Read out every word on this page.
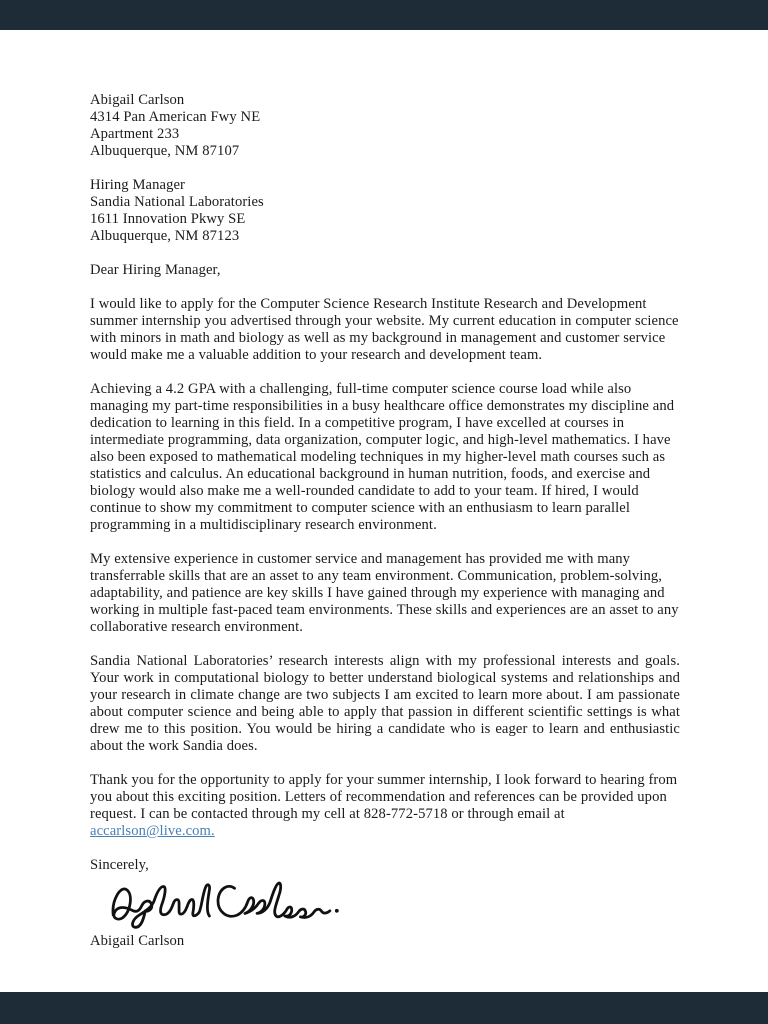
Abigail Carlson
4314 Pan American Fwy NE
Apartment 233
Albuquerque, NM 87107
Hiring Manager
Sandia National Laboratories
1611 Innovation Pkwy SE
Albuquerque, NM 87123
Dear Hiring Manager,
I would like to apply for the Computer Science Research Institute Research and Development summer internship you advertised through your website. My current education in computer science with minors in math and biology as well as my background in management and customer service would make me a valuable addition to your research and development team.
Achieving a 4.2 GPA with a challenging, full-time computer science course load while also managing my part-time responsibilities in a busy healthcare office demonstrates my discipline and dedication to learning in this field. In a competitive program, I have excelled at courses in intermediate programming, data organization, computer logic, and high-level mathematics. I have also been exposed to mathematical modeling techniques in my higher-level math courses such as statistics and calculus. An educational background in human nutrition, foods, and exercise and biology would also make me a well-rounded candidate to add to your team. If hired, I would continue to show my commitment to computer science with an enthusiasm to learn parallel programming in a multidisciplinary research environment.
My extensive experience in customer service and management has provided me with many transferrable skills that are an asset to any team environment. Communication, problem-solving, adaptability, and patience are key skills I have gained through my experience with managing and working in multiple fast-paced team environments. These skills and experiences are an asset to any collaborative research environment.
Sandia National Laboratories’ research interests align with my professional interests and goals. Your work in computational biology to better understand biological systems and relationships and your research in climate change are two subjects I am excited to learn more about. I am passionate about computer science and being able to apply that passion in different scientific settings is what drew me to this position. You would be hiring a candidate who is eager to learn and enthusiastic about the work Sandia does.
Thank you for the opportunity to apply for your summer internship, I look forward to hearing from you about this exciting position. Letters of recommendation and references can be provided upon request. I can be contacted through my cell at 828-772-5718 or through email at accarlson@live.com.
Sincerely,
Abigail Carlson
